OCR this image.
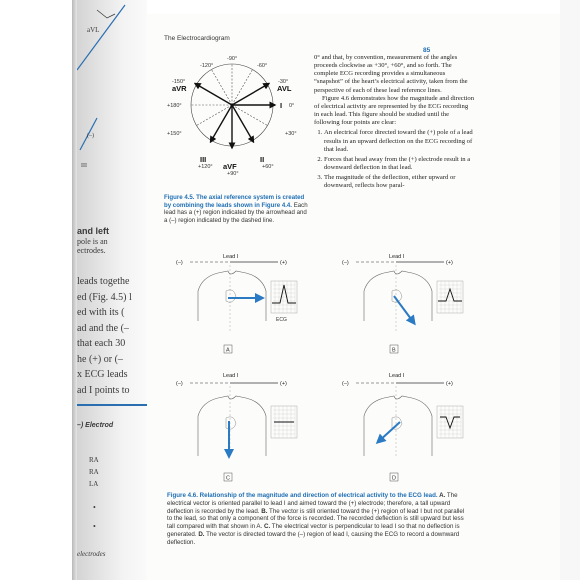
aVL
(–)
III
and left
pole is an
ectrodes.
leads togethe
ed (Fig. 4.5) l
ed with its (
ad and the (–
that each 30
he (+) or (–
x ECG leads
ad I points to
–) Electrod
RA
RA
LA
•
•
electrodes
The Electrocardiogram
85
-90°
-120°	-60°
-150°	-30°
+180°	0°
+150°	+30°
+120°	+60°
+90°
aVR	AVL
I
III
aVF
II
Figure 4.5. The axial reference system is created by combining the leads shown in Figure 4.4. Each lead has a (+) region indicated by the arrowhead and a (–) region indicated by the dashed line.

0° and that, by convention, measurement of the angles proceeds clockwise as +30°, +60°, and so forth. The complete ECG recording provides a simultaneous “snapshot” of the heart’s electrical activity, taken from the perspective of each of these lead reference lines.

Figure 4.6 demonstrates how the magnitude and direction of electrical activity are represented by the ECG recording in each lead. This figure should be studied until the following four points are clear:

1. An electrical force directed toward the (+) pole of a lead results in an upward deflection on the ECG recording of that lead.
2. Forces that head away from the (+) electrode result in a downward deflection in that lead.
3. The magnitude of the deflection, either upward or downward, reflects how paral-
(–)	(+)
Lead I
ECG
A
(–)	(+)
Lead I
B
(–)	(+)
Lead I
C
(–)	(+)
Lead I
D
Figure 4.6. Relationship of the magnitude and direction of electrical activity to the ECG lead. A. The electrical vector is oriented parallel to lead I and aimed toward the (+) electrode; therefore, a tall upward deflection is recorded by the lead. B. The vector is still oriented toward the (+) region of lead I but not parallel to the lead, so that only a component of the force is recorded. The recorded deflection is still upward but less tall compared with that shown in A. C. The electrical vector is perpendicular to lead I so that no deflection is generated. D. The vector is directed toward the (–) region of lead I, causing the ECG to record a downward deflection.
